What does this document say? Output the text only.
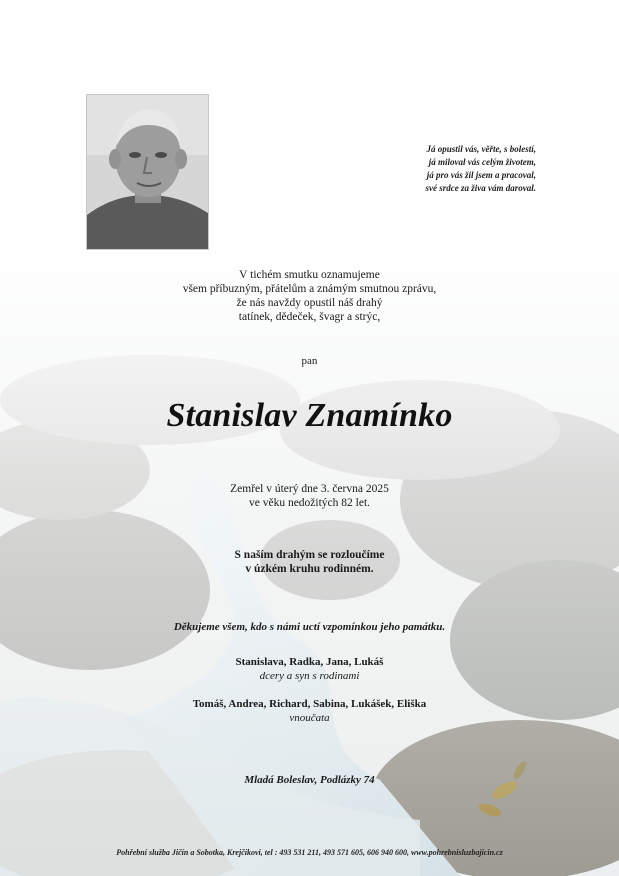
Já opustil vás, věřte, s bolestí,
já miloval vás celým životem,
já pro vás žil jsem a pracoval,
své srdce za živa vám daroval.
V tichém smutku oznamujeme
všem příbuzným, přátelům a známým smutnou zprávu,
že nás navždy opustil náš drahý
tatínek, dědeček, švagr a strýc,
pan
Stanislav Znamínko
Zemřel v úterý dne 3. června 2025
ve věku nedožitých 82 let.
S naším drahým se rozloučíme
v úzkém kruhu rodinném.
Děkujeme všem, kdo s námi uctí vzpomínkou jeho památku.
Stanislava, Radka, Jana, Lukáš
dcery a syn s rodinami
Tomáš, Andrea, Richard, Sabina, Lukášek, Eliška
vnoučata
Mladá Boleslav, Podlázky 74
Pohřební služba Jičín a Sobotka, Krejčíkovi, tel : 493 531 211, 493 571 605, 606 940 600, www.pohrebnisluzbajicin.cz
